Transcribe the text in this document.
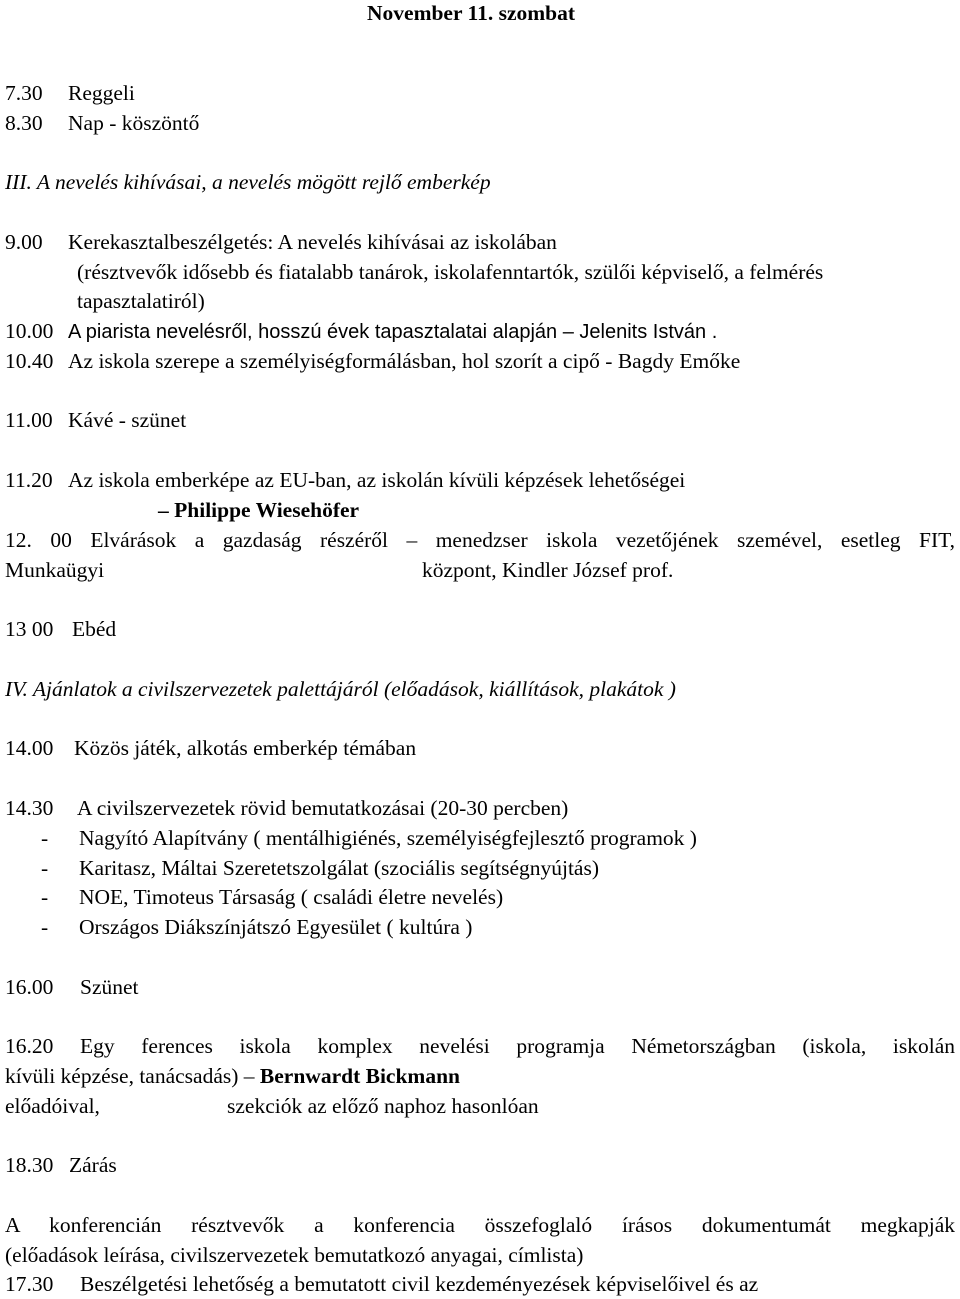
November 11. szombat
7.30 Reggeli
8.30 Nap - köszöntő
III. A nevelés kihívásai, a nevelés mögött rejlő emberkép
9.00 Kerekasztalbeszélgetés: A nevelés kihívásai az iskolában
(résztvevők idősebb és fiatalabb tanárok, iskolafenntartók, szülői képviselő, a felmérés
tapasztalatiról)
10.00 A piarista nevelésről, hosszú évek tapasztalatai alapján – Jelenits István .
10.40 Az iskola szerepe a személyiségformálásban, hol szorít a cipő - Bagdy Emőke
11.00 Kávé - szünet
11.20 Az iskola emberképe az EU-ban, az iskolán kívüli képzések lehetőségei
– Philippe Wiesehöfer
12. 00 Elvárások a gazdaság részéről – menedzser iskola vezetőjének szemével, esetleg FIT,
Munkaügyi	központ, Kindler József prof.
13 00 Ebéd
IV. Ajánlatok a civilszervezetek palettájáról (előadások, kiállítások, plakátok )
14.00 Közös játék, alkotás emberkép témában
14.30 A civilszervezetek rövid bemutatkozásai (20-30 percben)
- Nagyító Alapítvány ( mentálhigiénés, személyiségfejlesztő programok )
- Karitasz, Máltai Szeretetszolgálat (szociális segítségnyújtás)
- NOE, Timoteus Társaság ( családi életre nevelés)
- Országos Diákszínjátszó Egyesület ( kultúra )
16.00 Szünet
16.20 Egy ferences iskola komplex nevelési programja Németországban (iskola, iskolán
kívüli képzése, tanácsadás) – Bernwardt Bickmann
előadóival,	szekciók az előző naphoz hasonlóan
18.30 Zárás
A konferencián résztvevők a konferencia összefoglaló írásos dokumentumát megkapják
(előadások leírása, civilszervezetek bemutatkozó anyagai, címlista)
17.30 Beszélgetési lehetőség a bemutatott civil kezdeményezések képviselőivel és az
